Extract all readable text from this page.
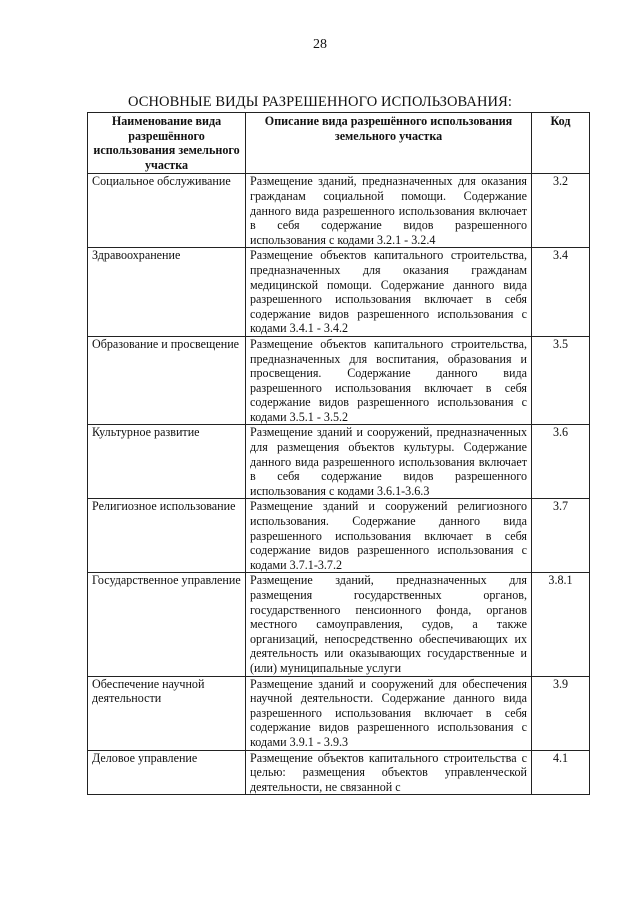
28
ОСНОВНЫЕ ВИДЫ РАЗРЕШЕННОГО ИСПОЛЬЗОВАНИЯ:
Наименование вида разрешённого использования земельного участка	Описание вида разрешённого использования земельного участка	Код
Социальное обслуживание	Размещение зданий, предназначенных для оказания гражданам социальной помощи. Содержание данного вида разрешенного использования включает в себя содержание видов разрешенного использования с кодами 3.2.1 - 3.2.4	3.2
Здравоохранение	Размещение объектов капитального строительства, предназначенных для оказания гражданам медицинской помощи. Содержание данного вида разрешенного использования включает в себя содержание видов разрешенного использования с кодами 3.4.1 - 3.4.2	3.4
Образование и просвещение	Размещение объектов капитального строительства, предназначенных для воспитания, образования и просвещения. Содержание данного вида разрешенного использования включает в себя содержание видов разрешенного использования с кодами 3.5.1 - 3.5.2	3.5
Культурное развитие	Размещение зданий и сооружений, предназначенных для размещения объектов культуры. Содержание данного вида разрешенного использования включает в себя содержание видов разрешенного использования с кодами 3.6.1-3.6.3	3.6
Религиозное использование	Размещение зданий и сооружений религиозного использования. Содержание данного вида разрешенного использования включает в себя содержание видов разрешенного использования с кодами 3.7.1-3.7.2	3.7
Государственное управление	Размещение зданий, предназначенных для размещения государственных органов, государственного пенсионного фонда, органов местного самоуправления, судов, а также организаций, непосредственно обеспечивающих их деятельность или оказывающих государственные и (или) муниципальные услуги	3.8.1
Обеспечение научной деятельности	Размещение зданий и сооружений для обеспечения научной деятельности. Содержание данного вида разрешенного использования включает в себя содержание видов разрешенного использования с кодами 3.9.1 - 3.9.3	3.9
Деловое управление	Размещение объектов капитального строительства с целью: размещения объектов управленческой деятельности, не связанной с	4.1
